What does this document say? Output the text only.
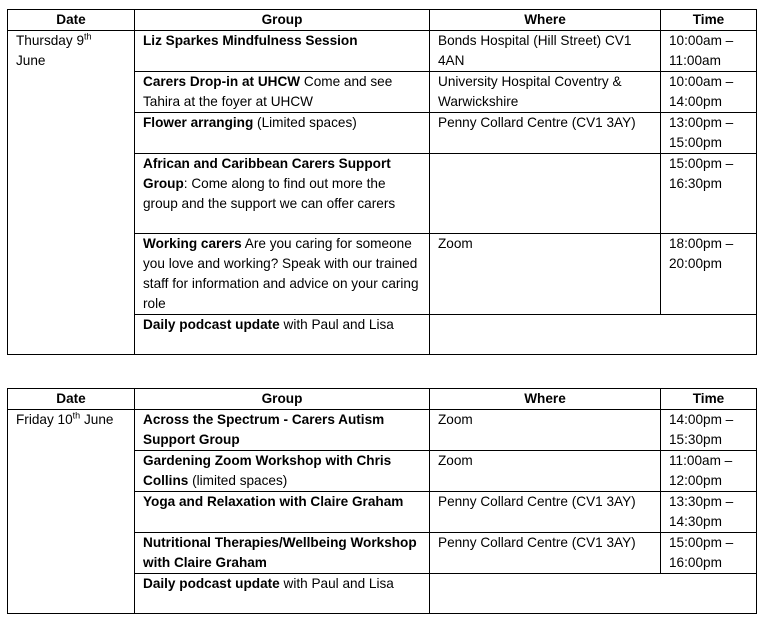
Date	Group	Where	Time
Thursday 9th
June	Liz Sparkes Mindfulness Session	Bonds Hospital (Hill Street) CV1 4AN	10:00am – 11:00am
	Carers Drop-in at UHCW Come and see Tahira at the foyer at UHCW	University Hospital Coventry & Warwickshire	10:00am – 14:00pm
	Flower arranging (Limited spaces)	Penny Collard Centre (CV1 3AY)	13:00pm – 15:00pm
	African and Caribbean Carers Support Group: Come along to find out more the group and the support we can offer carers		15:00pm – 16:30pm
	Working carers Are you caring for someone you love and working? Speak with our trained staff for information and advice on your caring role	Zoom	18:00pm – 20:00pm
	Daily podcast update with Paul and Lisa		
Date	Group	Where	Time
Friday 10th June	Across the Spectrum - Carers Autism Support Group	Zoom	14:00pm – 15:30pm
	Gardening Zoom Workshop with Chris Collins (limited spaces)	Zoom	11:00am – 12:00pm
	Yoga and Relaxation with Claire Graham	Penny Collard Centre (CV1 3AY)	13:30pm – 14:30pm
	Nutritional Therapies/Wellbeing Workshop with Claire Graham	Penny Collard Centre (CV1 3AY)	15:00pm – 16:00pm
	Daily podcast update with Paul and Lisa		
